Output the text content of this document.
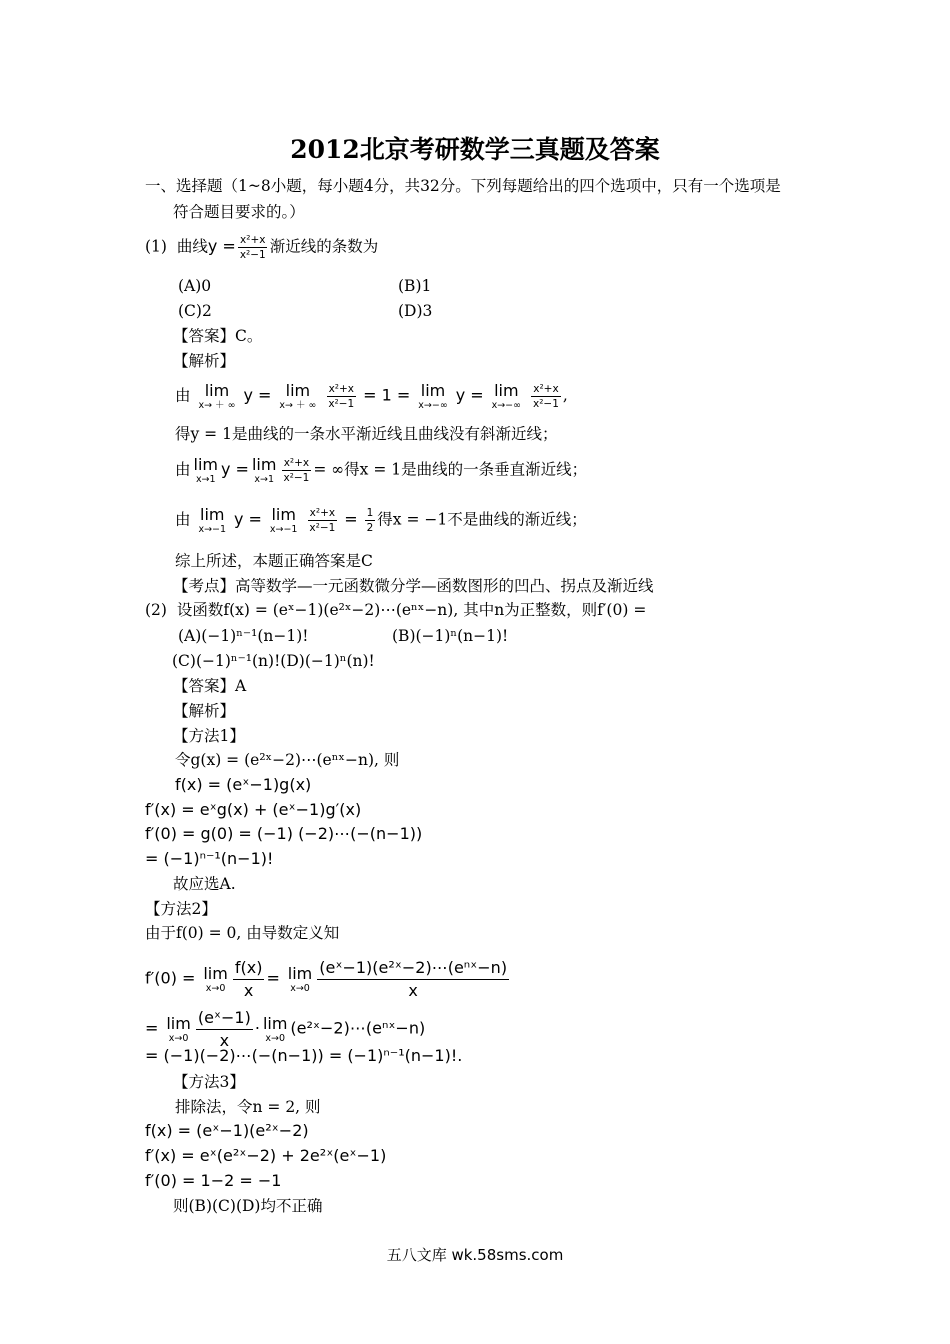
2012北京考研数学三真题及答案
一、选择题（1~8小题，每小题4分，共32分。下列每题给出的四个选项中，只有一个选项是
符合题目要求的。）
(1) 曲线$y = \frac{\text{x²+x}}{\text{x²−1}}$ 渐近线的条数为
(A)0	(B)1
(C)2	(D)3
【答案】C。
【解析】
由 lim
x→ ＋ ∞
y = lim
x→ ＋ ∞
$\frac{\text{x²+x}}{\text{x²−1}} = 1 = \lim$
x→−∞
y = lim
x→−∞
$\frac{\text{x²+x}}{\text{x²−1}}$ ,
得y = 1是曲线的一条水平渐近线且曲线没有斜渐近线；
由 lim
x→1
y = lim
$x\to 1 \frac{\text{x²+x}}{\text{x²−1}}$ = ∞得x = 1是曲线的一条垂直渐近线；
由 lim
x→−1
y = lim
x→−1
$\frac{\text{x²+x}}{\text{x²−1}} = \frac{1}{2}$ 得x = −1不是曲线的渐近线；
综上所述，本题正确答案是C
【考点】高等数学—一元函数微分学—函数图形的凹凸、拐点及渐近线
(2) 设函数f(x) = (eˣ−1)(e²ˣ−2)⋯(eⁿˣ−n), 其中n为正整数，则f′(0) =
(A)(−1)ⁿ⁻¹(n−1)!	(B)(−1)ⁿ(n−1)!
(C)(−1)ⁿ⁻¹(n)!(D)(−1)ⁿ(n)!
【答案】A
【解析】
【方法1】
令g(x) = (e²ˣ−2)⋯(eⁿˣ−n), 则
f(x) = (eˣ−1)g(x)
f′(x) = eˣg(x) + (eˣ−1)g′(x)
f′(0) = g(0) = (−1) (−2)⋯(−(n−1))
= (−1)ⁿ⁻¹(n−1)!
故应选A.
【方法2】
由于f(0) = 0, 由导数定义知
f′(0) = lim
$x\to 0 \frac{f(x)}{x} = \lim$
x→0
(eˣ−1)(e²ˣ−2)⋯(eⁿˣ−n)
x
= lim
$x\to 0 \frac{\text{(eˣ−1)}}{x} \cdot \lim$
x→0
(e²ˣ−2)⋯(eⁿˣ−n)
= (−1)(−2)⋯(−(n−1)) = (−1)ⁿ⁻¹(n−1)!.
【方法3】
排除法，令n = 2, 则
f(x) = (eˣ−1)(e²ˣ−2)
f′(x) = eˣ(e²ˣ−2) + 2e²ˣ(eˣ−1)
f′(0) = 1−2 = −1
则(B)(C)(D)均不正确
五八文库 wk.58sms.com
